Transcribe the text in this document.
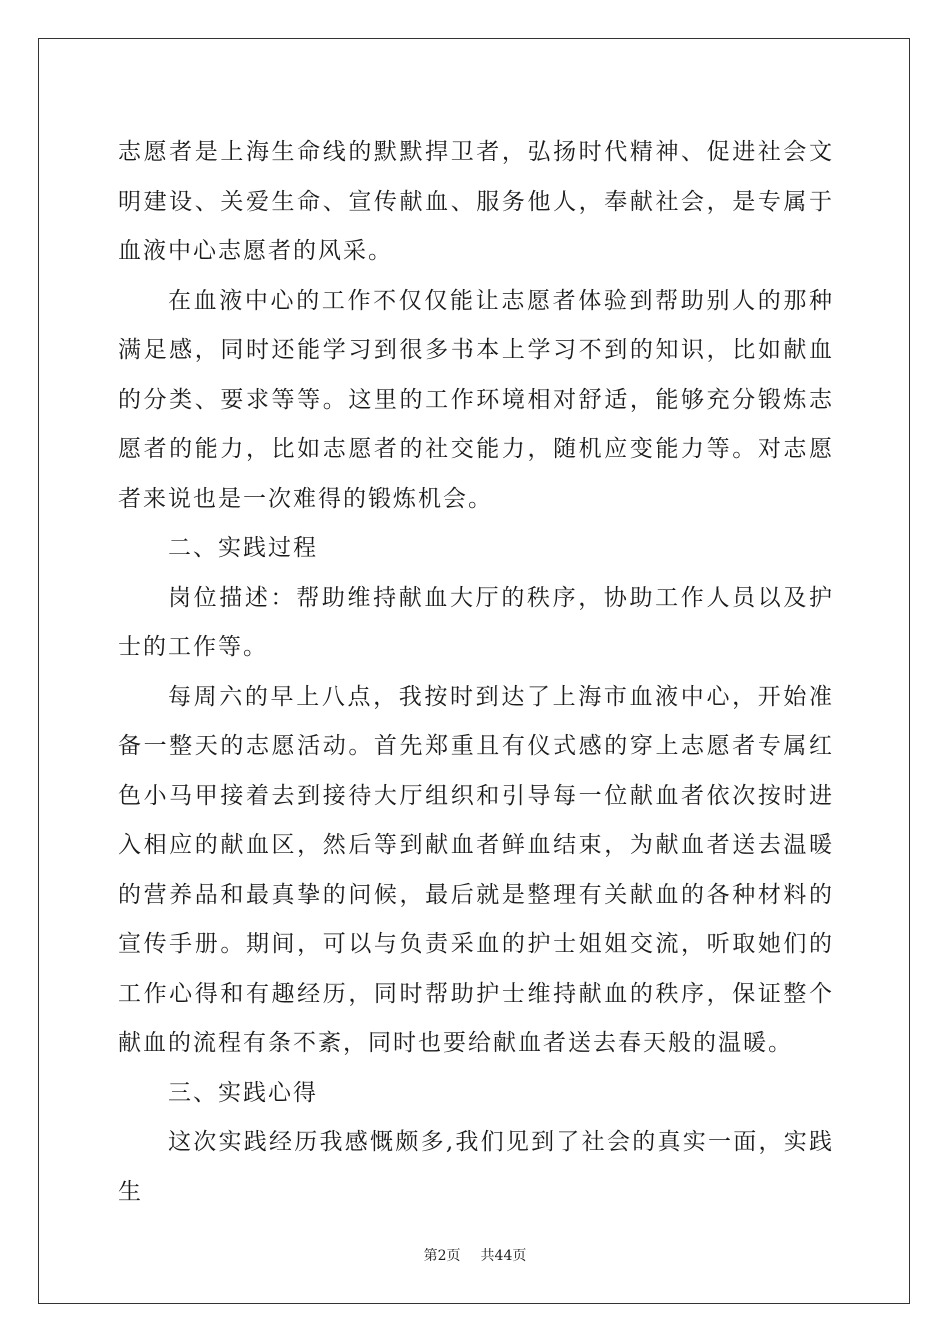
志愿者是上海生命线的默默捍卫者，弘扬时代精神、促进社会文明建设、关爱生命、宣传献血、服务他人，奉献社会，是专属于血液中心志愿者的风采。

在血液中心的工作不仅仅能让志愿者体验到帮助别人的那种满足感，同时还能学习到很多书本上学习不到的知识，比如献血的分类、要求等等。这里的工作环境相对舒适，能够充分锻炼志愿者的能力，比如志愿者的社交能力，随机应变能力等。对志愿者来说也是一次难得的锻炼机会。

二、实践过程

岗位描述：帮助维持献血大厅的秩序，协助工作人员以及护士的工作等。

每周六的早上八点，我按时到达了上海市血液中心，开始准备一整天的志愿活动。首先郑重且有仪式感的穿上志愿者专属红色小马甲接着去到接待大厅组织和引导每一位献血者依次按时进入相应的献血区，然后等到献血者鲜血结束，为献血者送去温暖的营养品和最真挚的问候，最后就是整理有关献血的各种材料的宣传手册。期间，可以与负责采血的护士姐姐交流，听取她们的工作心得和有趣经历，同时帮助护士维持献血的秩序，保证整个献血的流程有条不紊，同时也要给献血者送去春天般的温暖。

三、实践心得

这次实践经历我感慨颇多,我们见到了社会的真实一面，实践生

第2页 共44页
